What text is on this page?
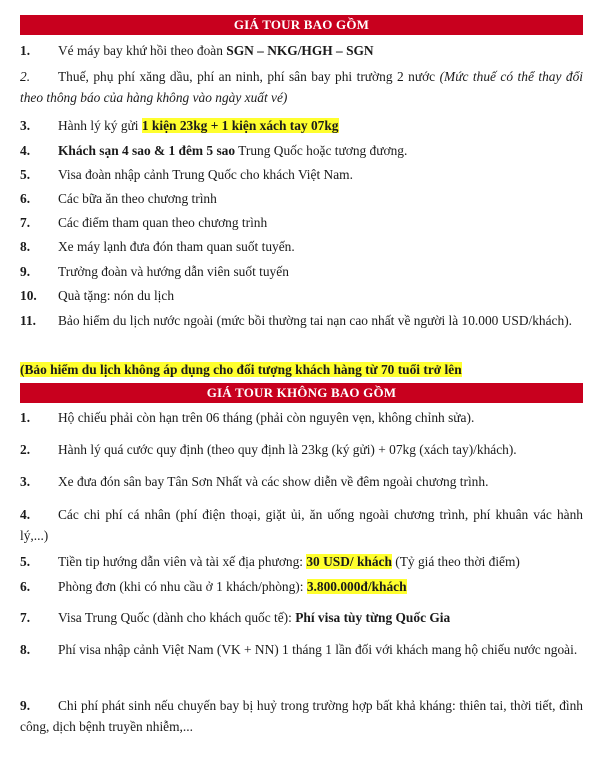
GIÁ TOUR BAO GỒM
1.	Vé máy bay khứ hồi theo đoàn SGN – NKG/HGH – SGN
2.	Thuế, phụ phí xăng dầu, phí an ninh, phí sân bay phi trường 2 nước (Mức thuế có thể thay đổi theo thông báo của hàng không vào ngày xuất vé)
3.	Hành lý ký gửi 1 kiện 23kg + 1 kiện xách tay 07kg
4.	Khách sạn 4 sao & 1 đêm 5 sao Trung Quốc hoặc tương đương.
5.	Visa đoàn nhập cảnh Trung Quốc cho khách Việt Nam.
6.	Các bữa ăn theo chương trình
7.	Các điểm tham quan theo chương trình
8.	Xe máy lạnh đưa đón tham quan suốt tuyến.
9.	Trưởng đoàn và hướng dẫn viên suốt tuyến
10.	Quà tặng: nón du lịch
11.	Bảo hiểm du lịch nước ngoài (mức bồi thường tai nạn cao nhất về người là 10.000 USD/khách).
(Bảo hiểm du lịch không áp dụng cho đối tượng khách hàng từ 70 tuổi trở lên
GIÁ TOUR KHÔNG BAO GỒM
1.	Hộ chiếu phải còn hạn trên 06 tháng (phải còn nguyên vẹn, không chỉnh sửa).
2.	Hành lý quá cước quy định (theo quy định là 23kg (ký gửi) + 07kg (xách tay)/khách).
3.	Xe đưa đón sân bay Tân Sơn Nhất và các show diễn về đêm ngoài chương trình.
4.	Các chi phí cá nhân (phí điện thoại, giặt ủi, ăn uống ngoài chương trình, phí khuân vác hành lý,...)
5.	Tiền tip hướng dẫn viên và tài xế địa phương: 30 USD/ khách (Tỷ giá theo thời điểm)
6.	Phòng đơn (khi có nhu cầu ở 1 khách/phòng): 3.800.000đ/khách
7.	Visa Trung Quốc (dành cho khách quốc tế): Phí visa tùy từng Quốc Gia
8.	Phí visa nhập cảnh Việt Nam (VK + NN) 1 tháng 1 lần đối với khách mang hộ chiếu nước ngoài.
9.	Chi phí phát sinh nếu chuyến bay bị huỷ trong trường hợp bất khả kháng: thiên tai, thời tiết, đình công, dịch bệnh truyền nhiễm,...
